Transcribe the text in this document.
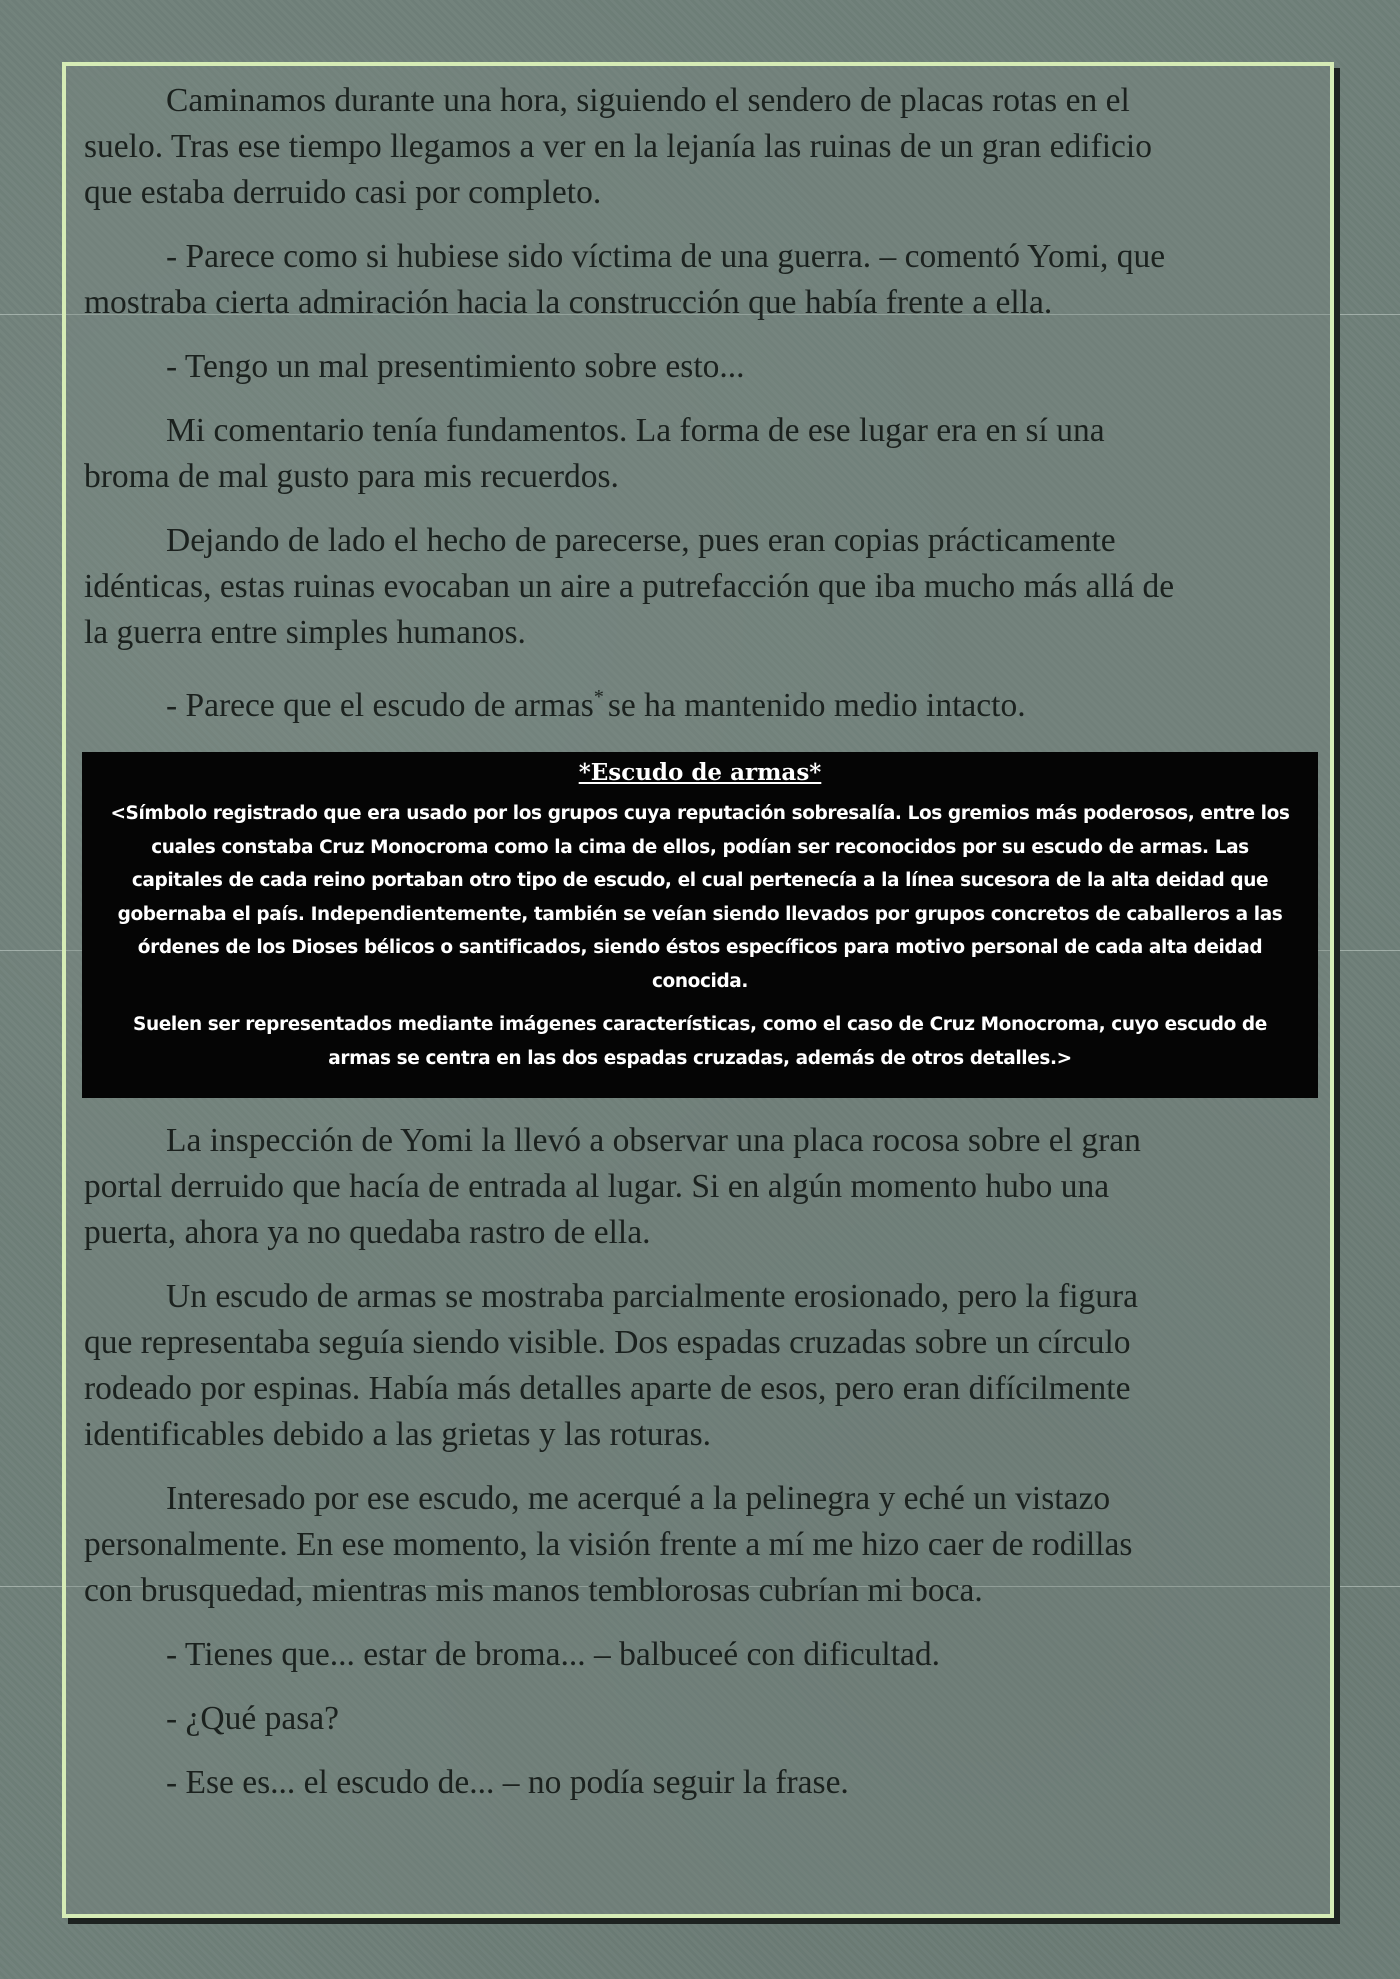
Caminamos durante una hora, siguiendo el sendero de placas rotas en el
suelo. Tras ese tiempo llegamos a ver en la lejanía las ruinas de un gran edificio
que estaba derruido casi por completo.

- Parece como si hubiese sido víctima de una guerra. – comentó Yomi, que
mostraba cierta admiración hacia la construcción que había frente a ella.

- Tengo un mal presentimiento sobre esto...

Mi comentario tenía fundamentos. La forma de ese lugar era en sí una
broma de mal gusto para mis recuerdos.

Dejando de lado el hecho de parecerse, pues eran copias prácticamente
idénticas, estas ruinas evocaban un aire a putrefacción que iba mucho más allá de
la guerra entre simples humanos.

- Parece que el escudo de armas* se ha mantenido medio intacto.

*Escudo de armas*
<Símbolo registrado que era usado por los grupos cuya reputación sobresalía. Los gremios más poderosos, entre los
cuales constaba Cruz Monocroma como la cima de ellos, podían ser reconocidos por su escudo de armas. Las
capitales de cada reino portaban otro tipo de escudo, el cual pertenecía a la línea sucesora de la alta deidad que
gobernaba el país. Independientemente, también se veían siendo llevados por grupos concretos de caballeros a las
órdenes de los Dioses bélicos o santificados, siendo éstos específicos para motivo personal de cada alta deidad
conocida.
Suelen ser representados mediante imágenes características, como el caso de Cruz Monocroma, cuyo escudo de
armas se centra en las dos espadas cruzadas, además de otros detalles.>

La inspección de Yomi la llevó a observar una placa rocosa sobre el gran
portal derruido que hacía de entrada al lugar. Si en algún momento hubo una
puerta, ahora ya no quedaba rastro de ella.

Un escudo de armas se mostraba parcialmente erosionado, pero la figura
que representaba seguía siendo visible. Dos espadas cruzadas sobre un círculo
rodeado por espinas. Había más detalles aparte de esos, pero eran difícilmente
identificables debido a las grietas y las roturas.

Interesado por ese escudo, me acerqué a la pelinegra y eché un vistazo
personalmente. En ese momento, la visión frente a mí me hizo caer de rodillas
con brusquedad, mientras mis manos temblorosas cubrían mi boca.

- Tienes que... estar de broma... – balbuceé con dificultad.

- ¿Qué pasa?

- Ese es... el escudo de... – no podía seguir la frase.
